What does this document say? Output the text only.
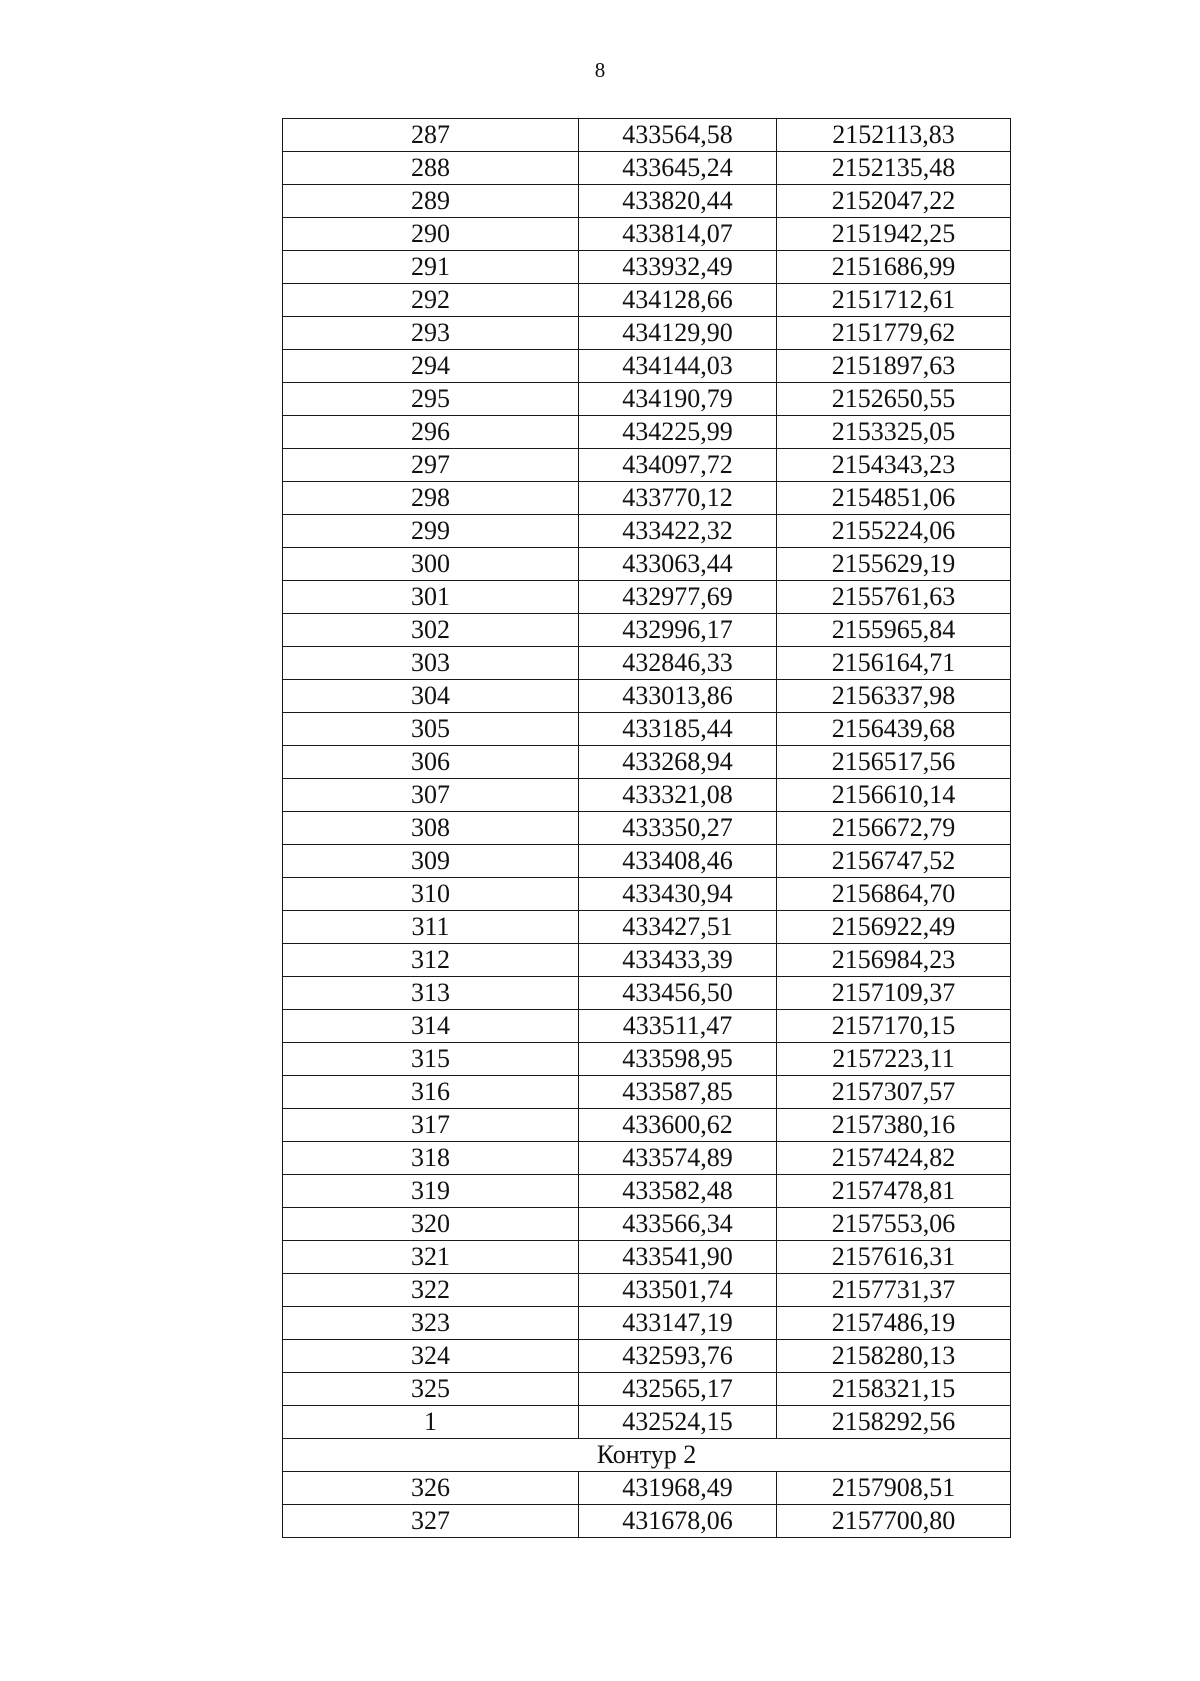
8
287	433564,58	2152113,83
288	433645,24	2152135,48
289	433820,44	2152047,22
290	433814,07	2151942,25
291	433932,49	2151686,99
292	434128,66	2151712,61
293	434129,90	2151779,62
294	434144,03	2151897,63
295	434190,79	2152650,55
296	434225,99	2153325,05
297	434097,72	2154343,23
298	433770,12	2154851,06
299	433422,32	2155224,06
300	433063,44	2155629,19
301	432977,69	2155761,63
302	432996,17	2155965,84
303	432846,33	2156164,71
304	433013,86	2156337,98
305	433185,44	2156439,68
306	433268,94	2156517,56
307	433321,08	2156610,14
308	433350,27	2156672,79
309	433408,46	2156747,52
310	433430,94	2156864,70
311	433427,51	2156922,49
312	433433,39	2156984,23
313	433456,50	2157109,37
314	433511,47	2157170,15
315	433598,95	2157223,11
316	433587,85	2157307,57
317	433600,62	2157380,16
318	433574,89	2157424,82
319	433582,48	2157478,81
320	433566,34	2157553,06
321	433541,90	2157616,31
322	433501,74	2157731,37
323	433147,19	2157486,19
324	432593,76	2158280,13
325	432565,17	2158321,15
1	432524,15	2158292,56
Контур 2		
326	431968,49	2157908,51
327	431678,06	2157700,80
